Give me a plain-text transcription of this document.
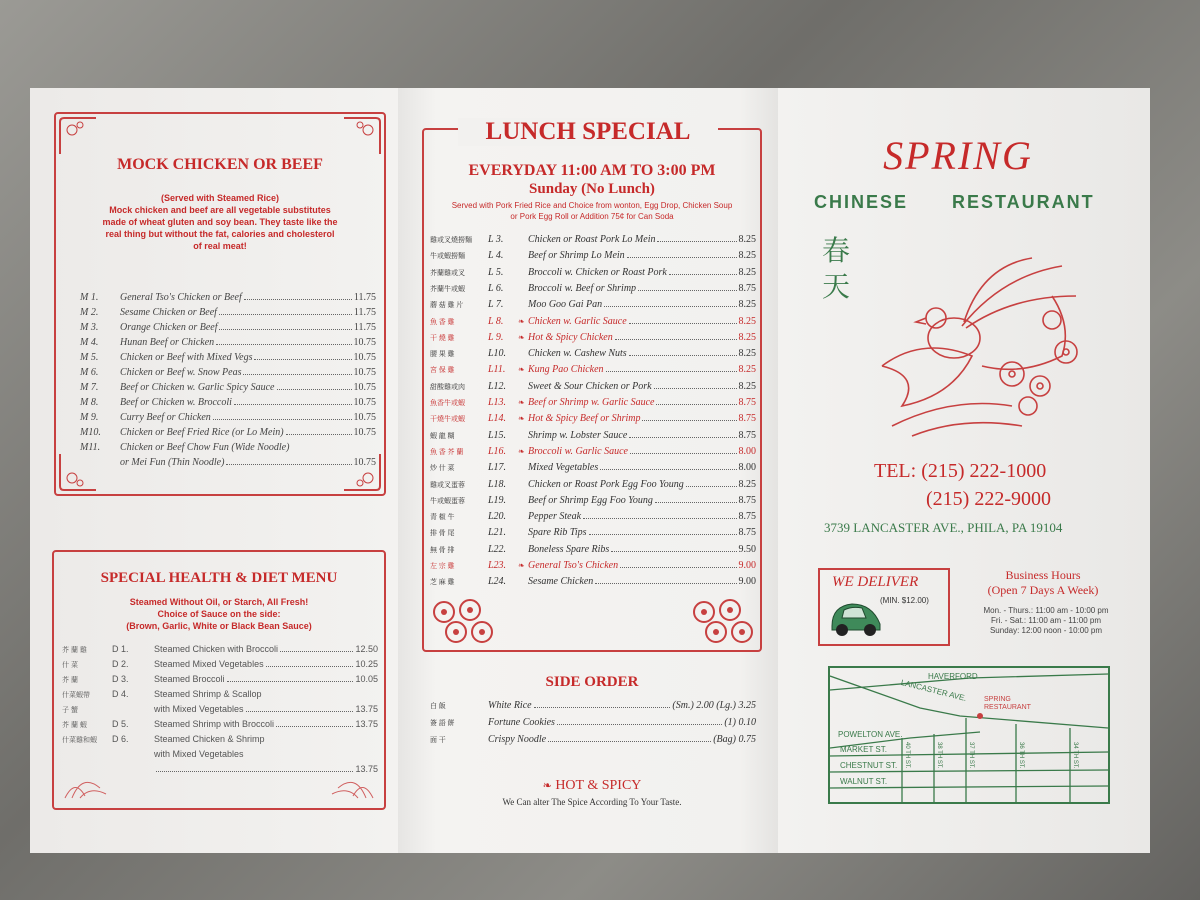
MOCK CHICKEN OR BEEF
(Served with Steamed Rice)
Mock chicken and beef are all vegetable substitutes
made of wheat gluten and soy bean. They taste like the
real thing but without the fat, calories and cholesterol
of real meat!
M 1.	General Tso's Chicken or Beef	11.75
M 2.	Sesame Chicken or Beef	11.75
M 3.	Orange Chicken or Beef	11.75
M 4.	Hunan Beef or Chicken	10.75
M 5.	Chicken or Beef with Mixed Vegs	10.75
M 6.	Chicken or Beef w. Snow Peas	10.75
M 7.	Beef or Chicken w. Garlic Spicy Sauce	10.75
M 8.	Beef or Chicken w. Broccoli	10.75
M 9.	Curry Beef or Chicken	10.75
M10.	Chicken or Beef Fried Rice (or Lo Mein)	10.75
M11.	Chicken or Beef Chow Fun (Wide Noodle)
or Mei Fun (Thin Noodle)	10.75
SPECIAL HEALTH & DIET MENU
Steamed Without Oil, or Starch, All Fresh!
Choice of Sauce on the side:
(Brown, Garlic, White or Black Bean Sauce)
芥 蘭 雞	D 1.	Steamed Chicken with Broccoli	12.50
什 菜	D 2.	Steamed Mixed Vegetables	10.25
芥 蘭	D 3.	Steamed Broccoli	10.05
什菜蝦帶	D 4.	Steamed Shrimp & Scallop
子 蟹	with Mixed Vegetables	13.75
芥 蘭 蝦	D 5.	Steamed Shrimp with Broccoli	13.75
什菜雞和蝦	D 6.	Steamed Chicken & Shrimp
with Mixed Vegetables
13.75
LUNCH SPECIAL
EVERYDAY 11:00 AM TO 3:00 PM
Sunday (No Lunch)
Served with Pork Fried Rice and Choice from wonton, Egg Drop, Chicken Soup
or Pork Egg Roll or Addition 75¢ for Can Soda
SIDE ORDER
❧ HOT & SPICY
We Can alter The Spice According To Your Taste.
雞或叉燒撈麵	L 3.	Chicken or Roast Pork Lo Mein	8.25
牛或蝦撈麵	L 4.	Beef or Shrimp Lo Mein	8.25
芥蘭雞或叉	L 5.	Broccoli w. Chicken or Roast Pork	8.25
芥蘭牛或蝦	L 6.	Broccoli w. Beef or Shrimp	8.75
蘑 菇 雞 片	L 7.	Moo Goo Gai Pan	8.25
魚 香 雞	L 8.	❧ Chicken w. Garlic Sauce	8.25
干 燒 雞	L 9.	❧ Hot & Spicy Chicken	8.25
腰 果 雞	L10.	Chicken w. Cashew Nuts	8.25
宮 保 雞	L11.	❧ Kung Pao Chicken	8.25
甜酸雞或肉	L12.	Sweet & Sour Chicken or Pork	8.25
魚香牛或蝦	L13.	❧ Beef or Shrimp w. Garlic Sauce	8.75
干燒牛或蝦	L14.	❧ Hot & Spicy Beef or Shrimp	8.75
蝦 龍 糊	L15.	Shrimp w. Lobster Sauce	8.75
魚 香 芥 蘭	L16.	❧ Broccoli w. Garlic Sauce	8.00
炒 什 菜	L17.	Mixed Vegetables	8.00
雞或叉蛋蓉	L18.	Chicken or Roast Pork Egg Foo Young	8.25
牛或蝦蛋蓉	L19.	Beef or Shrimp Egg Foo Young	8.75
青 椒 牛	L20.	Pepper Steak	8.75
排 骨 尾	L21.	Spare Rib Tips	8.75
無 骨 排	L22.	Boneless Spare Ribs	9.50
左 宗 雞	L23.	❧ General Tso's Chicken	9.00
芝 麻 雞	L24.	Sesame Chicken	9.00
白 飯	White Rice	(Sm.) 2.00 (Lg.) 3.25
簽 語 餅	Fortune Cookies	(1) 0.10
面 干	Crispy Noodle	(Bag) 0.75
SPRING
CHINESE RESTAURANT
春
天
TEL: (215) 222-1000
(215) 222-9000
3739 LANCASTER AVE., PHILA, PA 19104
WE DELIVER
(MIN. $12.00)
Business Hours
(Open 7 Days A Week)
Mon. - Thurs.: 11:00 am - 10:00 pm
Fri. - Sat.: 11:00 am - 11:00 pm
Sunday: 12:00 noon - 10:00 pm
HAVERFORD
LANCASTER AVE.
POWELTON AVE.
MARKET ST.
CHESTNUT ST.
WALNUT ST.
SPRING
RESTAURANT
40 TH ST.	38 TH ST.	37 TH ST.	36 TH ST.	34 TH ST.
